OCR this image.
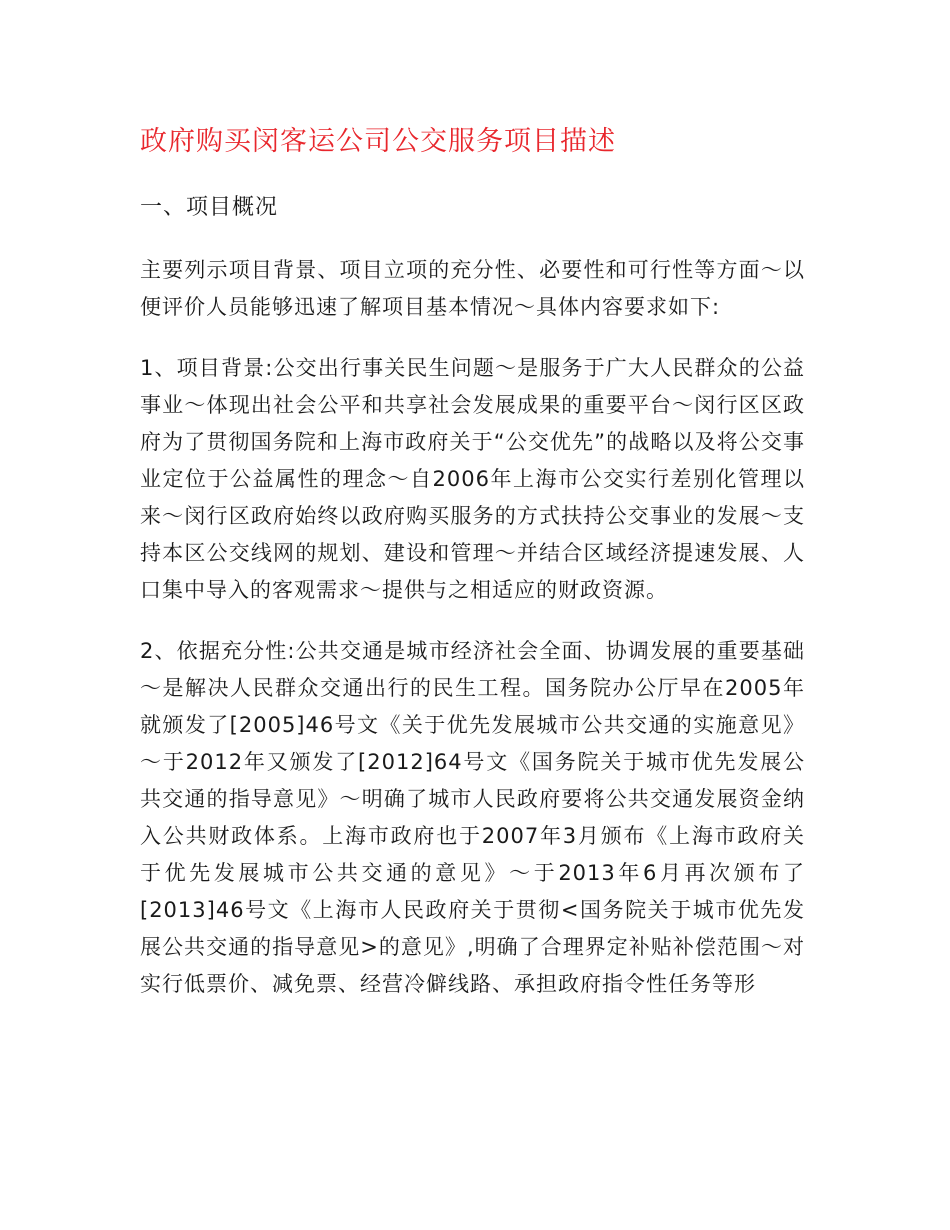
政府购买闵客运公司公交服务项目描述
一、项目概况

主要列示项目背景、项目立项的充分性、必要性和可行性等方面～以便评价人员能够迅速了解项目基本情况～具体内容要求如下:

1、项目背景:公交出行事关民生问题～是服务于广大人民群众的公益事业～体现出社会公平和共享社会发展成果的重要平台～闵行区区政府为了贯彻国务院和上海市政府关于“公交优先”的战略以及将公交事业定位于公益属性的理念～自2006年上海市公交实行差别化管理以来～闵行区政府始终以政府购买服务的方式扶持公交事业的发展～支持本区公交线网的规划、建设和管理～并结合区域经济提速发展、人口集中导入的客观需求～提供与之相适应的财政资源。

2、依据充分性:公共交通是城市经济社会全面、协调发展的重要基础～是解决人民群众交通出行的民生工程。国务院办公厅早在2005年就颁发了[2005]46号文《关于优先发展城市公共交通的实施意见》～于2012年又颁发了[2012]64号文《国务院关于城市优先发展公共交通的指导意见》～明确了城市人民政府要将公共交通发展资金纳入公共财政体系。上海市政府也于2007年3月颁布《上海市政府关于优先发展城市公共交通的意见》～于2013年6月再次颁布了[2013]46号文《上海市人民政府关于贯彻<国务院关于城市优先发展公共交通的指导意见>的意见》,明确了合理界定补贴补偿范围～对实行低票价、减免票、经营冷僻线路、承担政府指令性任务等形
